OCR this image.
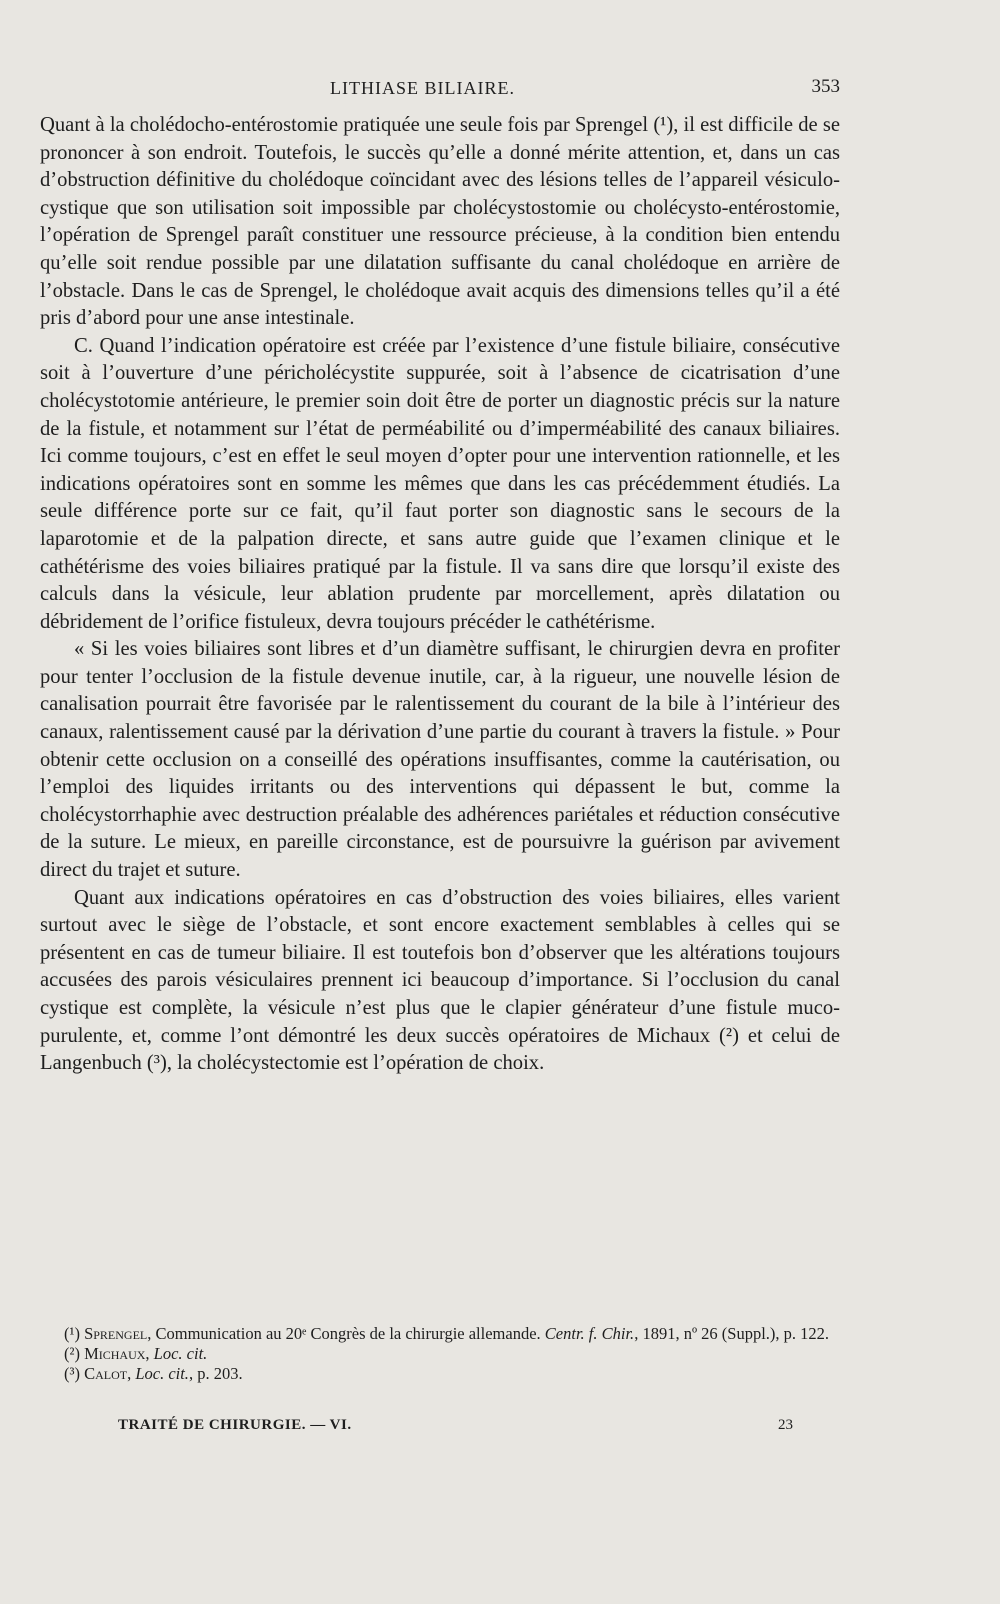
LITHIASE BILIAIRE.	353

Quant à la cholédocho-entérostomie pratiquée une seule fois par Sprengel (¹), il est difficile de se prononcer à son endroit. Toutefois, le succès qu’elle a donné mérite attention, et, dans un cas d’obstruction définitive du cholédoque coïncidant avec des lésions telles de l’appareil vésiculo-cystique que son utilisation soit impossible par cholécystostomie ou cholécysto-entérostomie, l’opération de Sprengel paraît constituer une ressource précieuse, à la condition bien entendu qu’elle soit rendue possible par une dilatation suffisante du canal cholédoque en arrière de l’obstacle. Dans le cas de Sprengel, le cholédoque avait acquis des dimensions telles qu’il a été pris d’abord pour une anse intestinale.

C. Quand l’indication opératoire est créée par l’existence d’une fistule biliaire, consécutive soit à l’ouverture d’une péricholécystite suppurée, soit à l’absence de cicatrisation d’une cholécystotomie antérieure, le premier soin doit être de porter un diagnostic précis sur la nature de la fistule, et notamment sur l’état de perméabilité ou d’imperméabilité des canaux biliaires. Ici comme toujours, c’est en effet le seul moyen d’opter pour une intervention rationnelle, et les indications opératoires sont en somme les mêmes que dans les cas précédemment étudiés. La seule différence porte sur ce fait, qu’il faut porter son diagnostic sans le secours de la laparotomie et de la palpation directe, et sans autre guide que l’examen clinique et le cathétérisme des voies biliaires pratiqué par la fistule. Il va sans dire que lorsqu’il existe des calculs dans la vésicule, leur ablation prudente par morcellement, après dilatation ou débridement de l’orifice fistuleux, devra toujours précéder le cathétérisme.

« Si les voies biliaires sont libres et d’un diamètre suffisant, le chirurgien devra en profiter pour tenter l’occlusion de la fistule devenue inutile, car, à la rigueur, une nouvelle lésion de canalisation pourrait être favorisée par le ralentissement du courant de la bile à l’intérieur des canaux, ralentissement causé par la dérivation d’une partie du courant à travers la fistule. » Pour obtenir cette occlusion on a conseillé des opérations insuffisantes, comme la cautérisation, ou l’emploi des liquides irritants ou des interventions qui dépassent le but, comme la cholécystorrhaphie avec destruction préalable des adhérences pariétales et réduction consécutive de la suture. Le mieux, en pareille circonstance, est de poursuivre la guérison par avivement direct du trajet et suture.

Quant aux indications opératoires en cas d’obstruction des voies biliaires, elles varient surtout avec le siège de l’obstacle, et sont encore exactement semblables à celles qui se présentent en cas de tumeur biliaire. Il est toutefois bon d’observer que les altérations toujours accusées des parois vésiculaires prennent ici beaucoup d’importance. Si l’occlusion du canal cystique est complète, la vésicule n’est plus que le clapier générateur d’une fistule muco-purulente, et, comme l’ont démontré les deux succès opératoires de Michaux (²) et celui de Langenbuch (³), la cholécystectomie est l’opération de choix.

(¹) Sprengel, Communication au 20ᵉ Congrès de la chirurgie allemande. Centr. f. Chir., 1891, nº 26 (Suppl.), p. 122.

(²) Michaux, Loc. cit.

(³) Calot, Loc. cit., p. 203.

TRAITÉ DE CHIRURGIE. — VI.	23
